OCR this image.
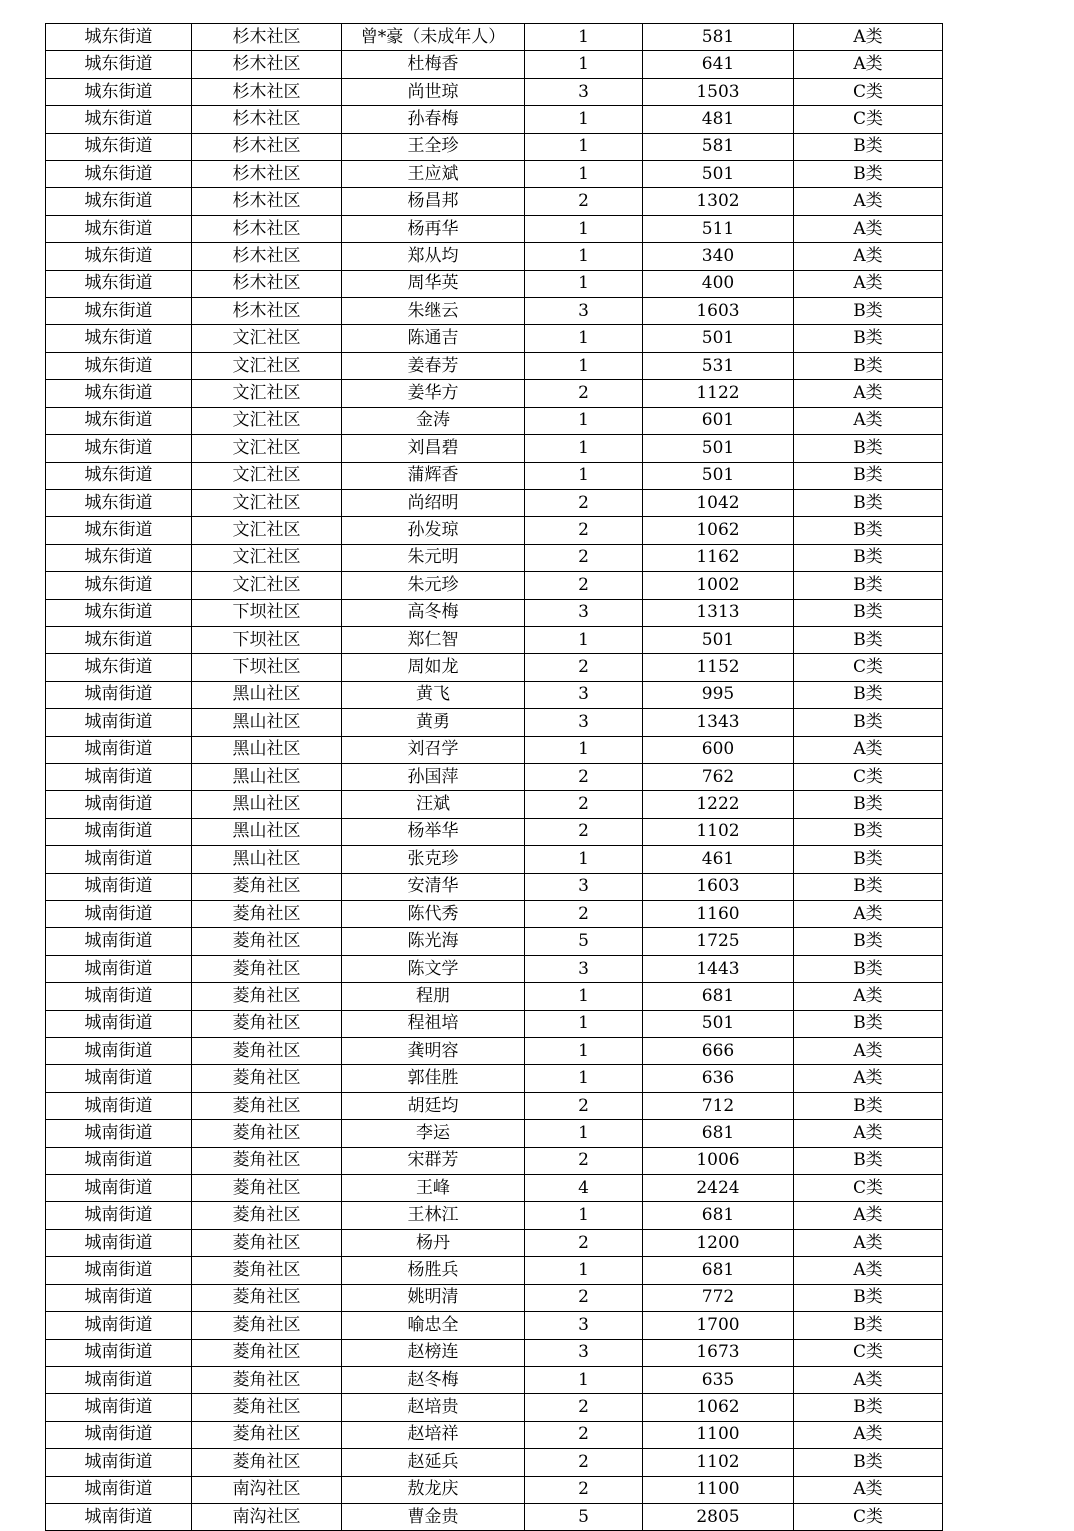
城东街道	杉木社区	曾*豪（未成年人）	1	581	A类
城东街道	杉木社区	杜梅香	1	641	A类
城东街道	杉木社区	尚世琼	3	1503	C类
城东街道	杉木社区	孙春梅	1	481	C类
城东街道	杉木社区	王全珍	1	581	B类
城东街道	杉木社区	王应斌	1	501	B类
城东街道	杉木社区	杨昌邦	2	1302	A类
城东街道	杉木社区	杨再华	1	511	A类
城东街道	杉木社区	郑从均	1	340	A类
城东街道	杉木社区	周华英	1	400	A类
城东街道	杉木社区	朱继云	3	1603	B类
城东街道	文汇社区	陈通吉	1	501	B类
城东街道	文汇社区	姜春芳	1	531	B类
城东街道	文汇社区	姜华方	2	1122	A类
城东街道	文汇社区	金涛	1	601	A类
城东街道	文汇社区	刘昌碧	1	501	B类
城东街道	文汇社区	蒲辉香	1	501	B类
城东街道	文汇社区	尚绍明	2	1042	B类
城东街道	文汇社区	孙发琼	2	1062	B类
城东街道	文汇社区	朱元明	2	1162	B类
城东街道	文汇社区	朱元珍	2	1002	B类
城东街道	下坝社区	高冬梅	3	1313	B类
城东街道	下坝社区	郑仁智	1	501	B类
城东街道	下坝社区	周如龙	2	1152	C类
城南街道	黑山社区	黄飞	3	995	B类
城南街道	黑山社区	黄勇	3	1343	B类
城南街道	黑山社区	刘召学	1	600	A类
城南街道	黑山社区	孙国萍	2	762	C类
城南街道	黑山社区	汪斌	2	1222	B类
城南街道	黑山社区	杨举华	2	1102	B类
城南街道	黑山社区	张克珍	1	461	B类
城南街道	菱角社区	安清华	3	1603	B类
城南街道	菱角社区	陈代秀	2	1160	A类
城南街道	菱角社区	陈光海	5	1725	B类
城南街道	菱角社区	陈文学	3	1443	B类
城南街道	菱角社区	程朋	1	681	A类
城南街道	菱角社区	程祖培	1	501	B类
城南街道	菱角社区	龚明容	1	666	A类
城南街道	菱角社区	郭佳胜	1	636	A类
城南街道	菱角社区	胡廷均	2	712	B类
城南街道	菱角社区	李运	1	681	A类
城南街道	菱角社区	宋群芳	2	1006	B类
城南街道	菱角社区	王峰	4	2424	C类
城南街道	菱角社区	王林江	1	681	A类
城南街道	菱角社区	杨丹	2	1200	A类
城南街道	菱角社区	杨胜兵	1	681	A类
城南街道	菱角社区	姚明清	2	772	B类
城南街道	菱角社区	喻忠全	3	1700	B类
城南街道	菱角社区	赵榜连	3	1673	C类
城南街道	菱角社区	赵冬梅	1	635	A类
城南街道	菱角社区	赵培贵	2	1062	B类
城南街道	菱角社区	赵培祥	2	1100	A类
城南街道	菱角社区	赵延兵	2	1102	B类
城南街道	南沟社区	敖龙庆	2	1100	A类
城南街道	南沟社区	曹金贵	5	2805	C类
